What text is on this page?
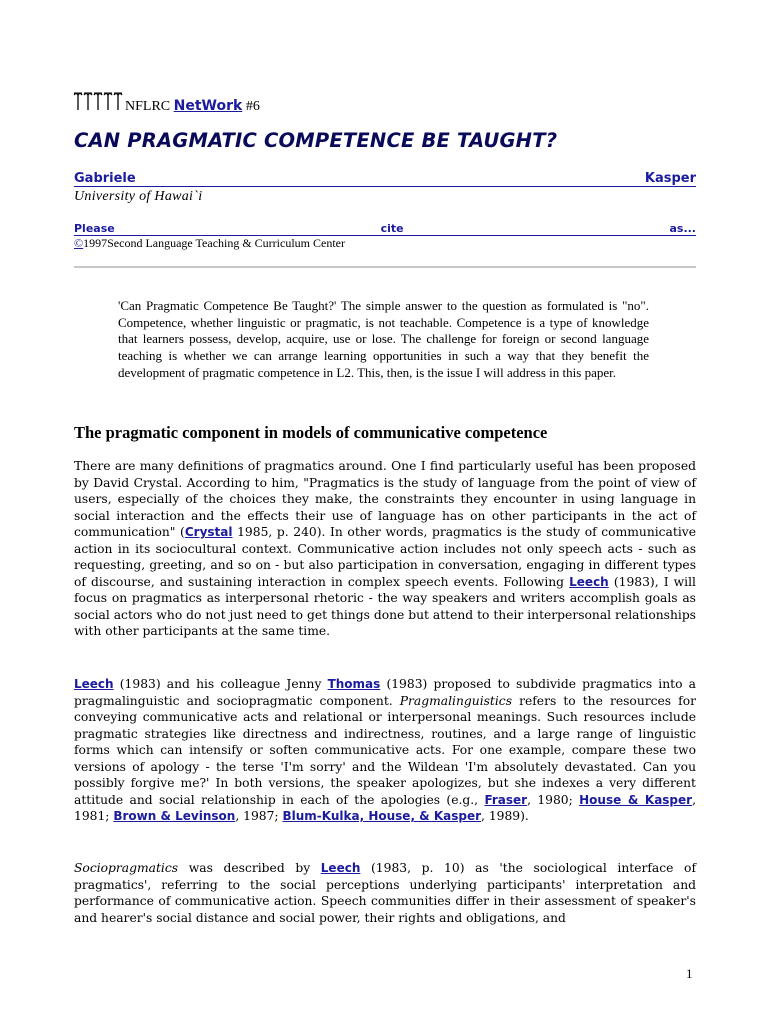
NFLRC NetWork #6
CAN PRAGMATIC COMPETENCE BE TAUGHT?
Gabriele	Kasper
University of Hawai`i
Please	cite	as...
©1997Second Language Teaching & Curriculum Center
'Can Pragmatic Competence Be Taught?' The simple answer to the question as formulated is "no". Competence, whether linguistic or pragmatic, is not teachable. Competence is a type of knowledge that learners possess, develop, acquire, use or lose. The challenge for foreign or second language teaching is whether we can arrange learning opportunities in such a way that they benefit the development of pragmatic competence in L2. This, then, is the issue I will address in this paper.
The pragmatic component in models of communicative competence
There are many definitions of pragmatics around. One I find particularly useful has been proposed by David Crystal. According to him, "Pragmatics is the study of language from the point of view of users, especially of the choices they make, the constraints they encounter in using language in social interaction and the effects their use of language has on other participants in the act of communication" (Crystal 1985, p. 240). In other words, pragmatics is the study of communicative action in its sociocultural context. Communicative action includes not only speech acts - such as requesting, greeting, and so on - but also participation in conversation, engaging in different types of discourse, and sustaining interaction in complex speech events. Following Leech (1983), I will focus on pragmatics as interpersonal rhetoric - the way speakers and writers accomplish goals as social actors who do not just need to get things done but attend to their interpersonal relationships with other participants at the same time.
Leech (1983) and his colleague Jenny Thomas (1983) proposed to subdivide pragmatics into a pragmalinguistic and sociopragmatic component. Pragmalinguistics refers to the resources for conveying communicative acts and relational or interpersonal meanings. Such resources include pragmatic strategies like directness and indirectness, routines, and a large range of linguistic forms which can intensify or soften communicative acts. For one example, compare these two versions of apology - the terse 'I'm sorry' and the Wildean 'I'm absolutely devastated. Can you possibly forgive me?' In both versions, the speaker apologizes, but she indexes a very different attitude and social relationship in each of the apologies (e.g., Fraser, 1980; House & Kasper, 1981; Brown & Levinson, 1987; Blum-Kulka, House, & Kasper, 1989).
Sociopragmatics was described by Leech (1983, p. 10) as 'the sociological interface of pragmatics', referring to the social perceptions underlying participants' interpretation and performance of communicative action. Speech communities differ in their assessment of speaker's and hearer's social distance and social power, their rights and obligations, and
1
